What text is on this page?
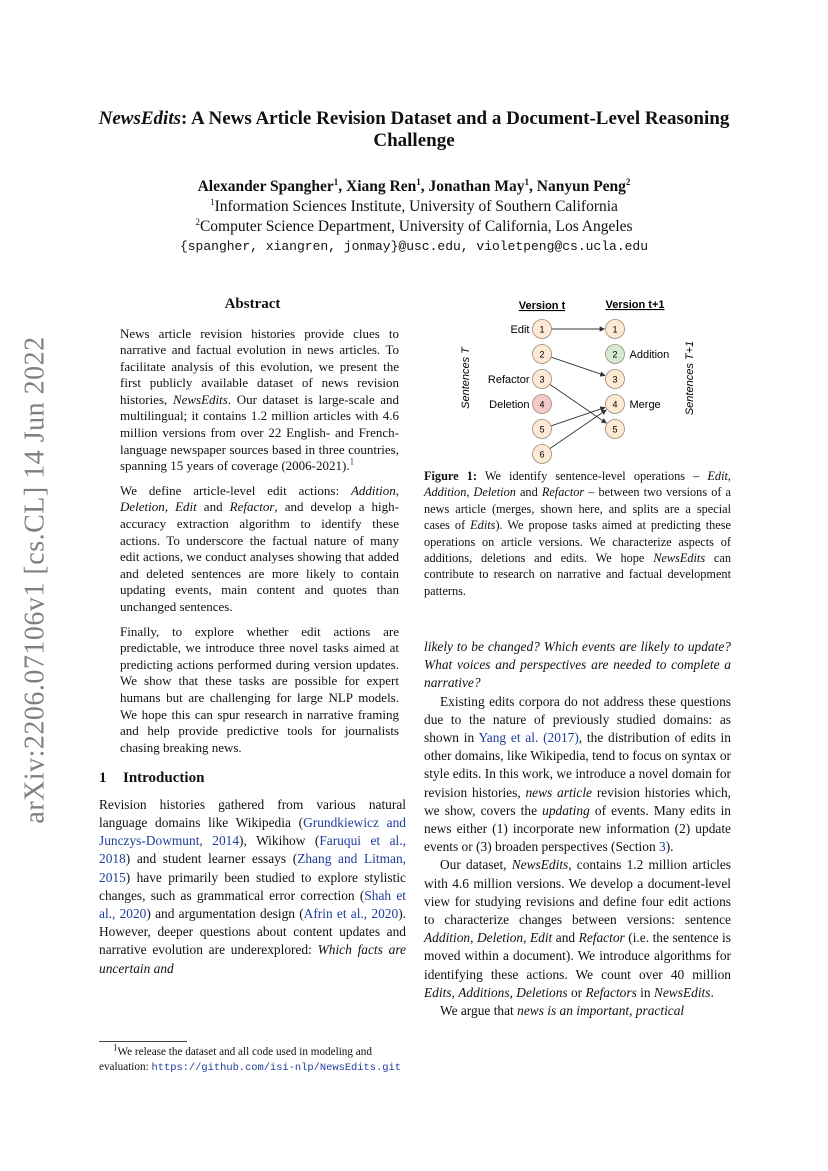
NewsEdits: A News Article Revision Dataset and a Document-Level Reasoning Challenge
Alexander Spangher$^1$, Xiang Ren$^1$, Jonathan May$^1$, Nanyun Peng$^2$
$^1$Information Sciences Institute, University of Southern California
$^2$Computer Science Department, University of California, Los Angeles
{spangher, xiangren, jonmay}@usc.edu, violetpeng@cs.ucla.edu
arXiv:2206.07106v1 [cs.CL] 14 Jun 2022
Abstract

News article revision histories provide clues to narrative and factual evolution in news articles. To facilitate analysis of this evolution, we present the first publicly available dataset of news revision histories, NewsEdits. Our dataset is large-scale and multilingual; it contains 1.2 million articles with 4.6 million versions from over 22 English- and French-language newspaper sources based in three countries, spanning 15 years of coverage (2006-2021).$^1$

We define article-level edit actions: Addition, Deletion, Edit and Refactor, and develop a high-accuracy extraction algorithm to identify these actions. To underscore the factual nature of many edit actions, we conduct analyses showing that added and deleted sentences are more likely to contain updating events, main content and quotes than unchanged sentences.

Finally, to explore whether edit actions are predictable, we introduce three novel tasks aimed at predicting actions performed during version updates. We show that these tasks are possible for expert humans but are challenging for large NLP models. We hope this can spur research in narrative framing and help provide predictive tools for journalists chasing breaking news.

1 Introduction

Revision histories gathered from various natural language domains like Wikipedia (Grundkiewicz and Junczys-Dowmunt, 2014), Wikihow (Faruqui et al., 2018) and student learner essays (Zhang and Litman, 2015) have primarily been studied to explore stylistic changes, such as grammatical error correction (Shah et al., 2020) and argumentation design (Afrin et al., 2020). However, deeper questions about content updates and narrative evolution are underexplored: Which facts are uncertain and

$^1$We release the dataset and all code used in modeling and evaluation: https://github.com/isi-nlp/NewsEdits.git
Version t	Version t+1
Sentences T	Sentences T+1
1
Edit
2
3
Refactor
4
Deletion
5
6
1
2 Addition
3
4 Merge
5
Figure 1: We identify sentence-level operations – Edit, Addition, Deletion and Refactor – between two versions of a news article (merges, shown here, and splits are a special cases of Edits). We propose tasks aimed at predicting these operations on article versions. We characterize aspects of additions, deletions and edits. We hope NewsEdits can contribute to research on narrative and factual development patterns.

likely to be changed? Which events are likely to update? What voices and perspectives are needed to complete a narrative?

Existing edits corpora do not address these questions due to the nature of previously studied domains: as shown in Yang et al. (2017), the distribution of edits in other domains, like Wikipedia, tend to focus on syntax or style edits. In this work, we introduce a novel domain for revision histories, news article revision histories which, we show, covers the updating of events. Many edits in news either (1) incorporate new information (2) update events or (3) broaden perspectives (Section 3).

Our dataset, NewsEdits, contains 1.2 million articles with 4.6 million versions. We develop a document-level view for studying revisions and define four edit actions to characterize changes between versions: sentence Addition, Deletion, Edit and Refactor (i.e. the sentence is moved within a document). We introduce algorithms for identifying these actions. We count over 40 million Edits, Additions, Deletions or Refactors in NewsEdits.

We argue that news is an important, practical
